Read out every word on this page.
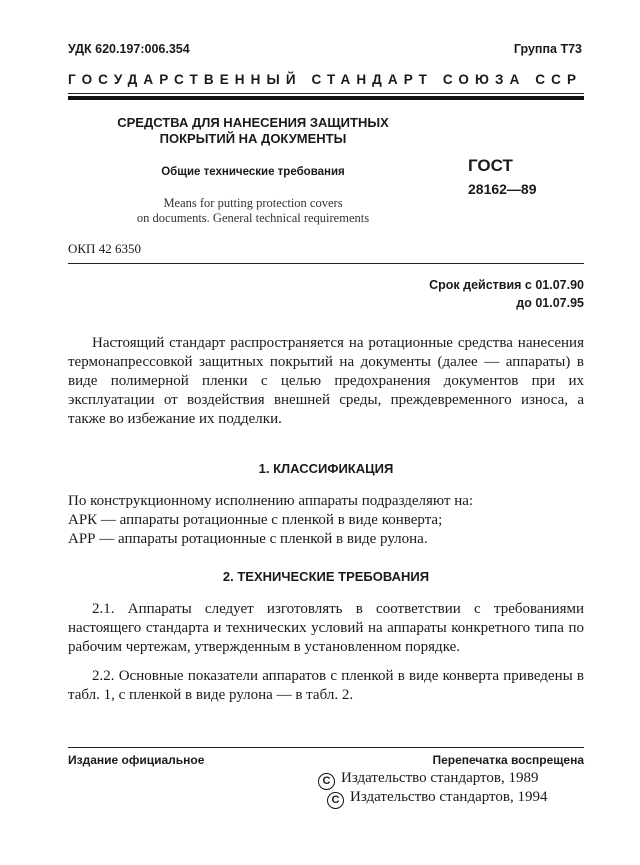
УДК 620.197:006.354	Группа Т73
ГОСУДАРСТВЕННЫЙ СТАНДАРТ СОЮЗА ССР
СРЕДСТВА ДЛЯ НАНЕСЕНИЯ ЗАЩИТНЫХ
ПОКРЫТИЙ НА ДОКУМЕНТЫ
Общие технические требования
Means for putting protection covers
on documents. General technical requirements
ГОСТ
28162—89
ОКП 42 6350
Срок действия с 01.07.90
до 01.07.95
Настоящий стандарт распространяется на ротационные средства нанесения термонапрессовкой защитных покрытий на документы (далее — аппараты) в виде полимерной пленки с целью предохранения документов при их эксплуатации от воздействия внешней среды, преждевременного износа, а также во избежание их подделки.
1. КЛАССИФИКАЦИЯ
По конструкционному исполнению аппараты подразделяют на:
АРК — аппараты ротационные с пленкой в виде конверта;
АРР — аппараты ротационные с пленкой в виде рулона.
2. ТЕХНИЧЕСКИЕ ТРЕБОВАНИЯ
2.1. Аппараты следует изготовлять в соответствии с требованиями настоящего стандарта и технических условий на аппараты конкретного типа по рабочим чертежам, утвержденным в установленном порядке.
2.2. Основные показатели аппаратов с пленкой в виде конверта приведены в табл. 1, с пленкой в виде рулона — в табл. 2.
Издание официальное	Перепечатка воспрещена
C Издательство стандартов, 1989
C Издательство стандартов, 1994
